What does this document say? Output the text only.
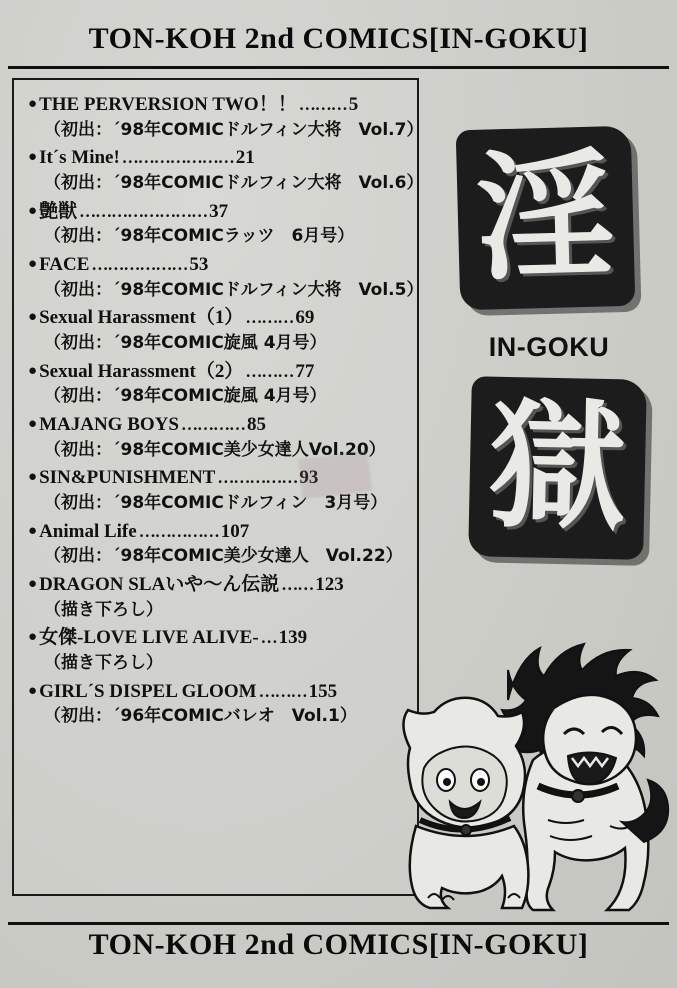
TON-KOH 2nd COMICS[IN-GOKU]
● THE PERVERSION TWO！！ ……… 5
（初出：´98年COMICドルフィン大将　Vol.7）
● It´s Mine! ………………… 21
（初出：´98年COMICドルフィン大将　Vol.6）
● 艶獣 …………………… 37
（初出：´98年COMICラッツ　6月号）
● FACE ……………… 53
（初出：´98年COMICドルフィン大将　Vol.5）
● Sexual Harassment（1） ……… 69
（初出：´98年COMIC旋風 4月号）
● Sexual Harassment（2） ……… 77
（初出：´98年COMIC旋風 4月号）
● MAJANG BOYS ………… 85
（初出：´98年COMIC美少女達人Vol.20）
● SIN&PUNISHMENT …………… 93
（初出：´98年COMICドルフィン　3月号）
● Animal Life …………… 107
（初出：´98年COMIC美少女達人　Vol.22）
● DRAGON SLAいや～ん伝説 …… 123
（描き下ろし）
● 女傑‐LOVE LIVE ALIVE‐ … 139
（描き下ろし）
● GIRL´S DISPEL GLOOM ……… 155
（初出：´96年COMICバレオ　Vol.1）
淫
IN-GOKU
獄
TON-KOH 2nd COMICS[IN-GOKU]
